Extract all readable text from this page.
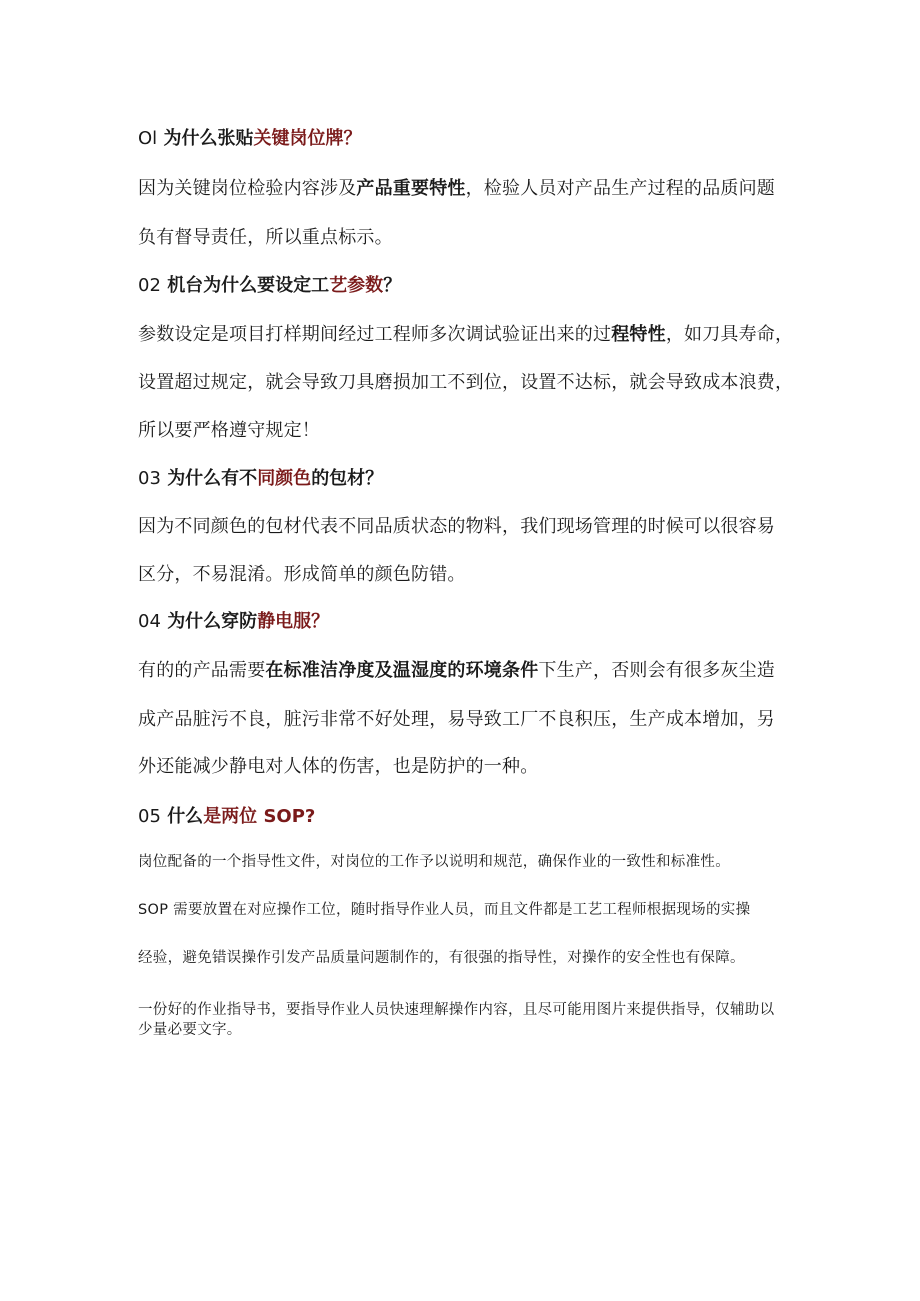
Ol 为什么张贴关键岗位牌？
因为关键岗位检验内容涉及产品重要特性，检验人员对产品生产过程的品质问题
负有督导责任，所以重点标示。
02 机台为什么要设定工艺参数？
参数设定是项目打样期间经过工程师多次调试验证出来的过程特性，如刀具寿命，
设置超过规定，就会导致刀具磨损加工不到位，设置不达标，就会导致成本浪费，
所以要严格遵守规定！
03 为什么有不同颜色的包材？
因为不同颜色的包材代表不同品质状态的物料，我们现场管理的时候可以很容易
区分，不易混淆。形成简单的颜色防错。
04 为什么穿防静电服？
有的的产品需要在标准洁净度及温湿度的环境条件下生产，否则会有很多灰尘造
成产品脏污不良，脏污非常不好处理，易导致工厂不良积压，生产成本增加，另
外还能减少静电对人体的伤害，也是防护的一种。
05 什么是两位 SOP?
岗位配备的一个指导性文件，对岗位的工作予以说明和规范，确保作业的一致性和标准性。
SOP 需要放置在对应操作工位，随时指导作业人员，而且文件都是工艺工程师根据现场的实操
经验，避免错误操作引发产品质量问题制作的，有很强的指导性，对操作的安全性也有保障。
一份好的作业指导书，要指导作业人员快速理解操作内容，且尽可能用图片来提供指导，仅辅助以少量必要文字。
